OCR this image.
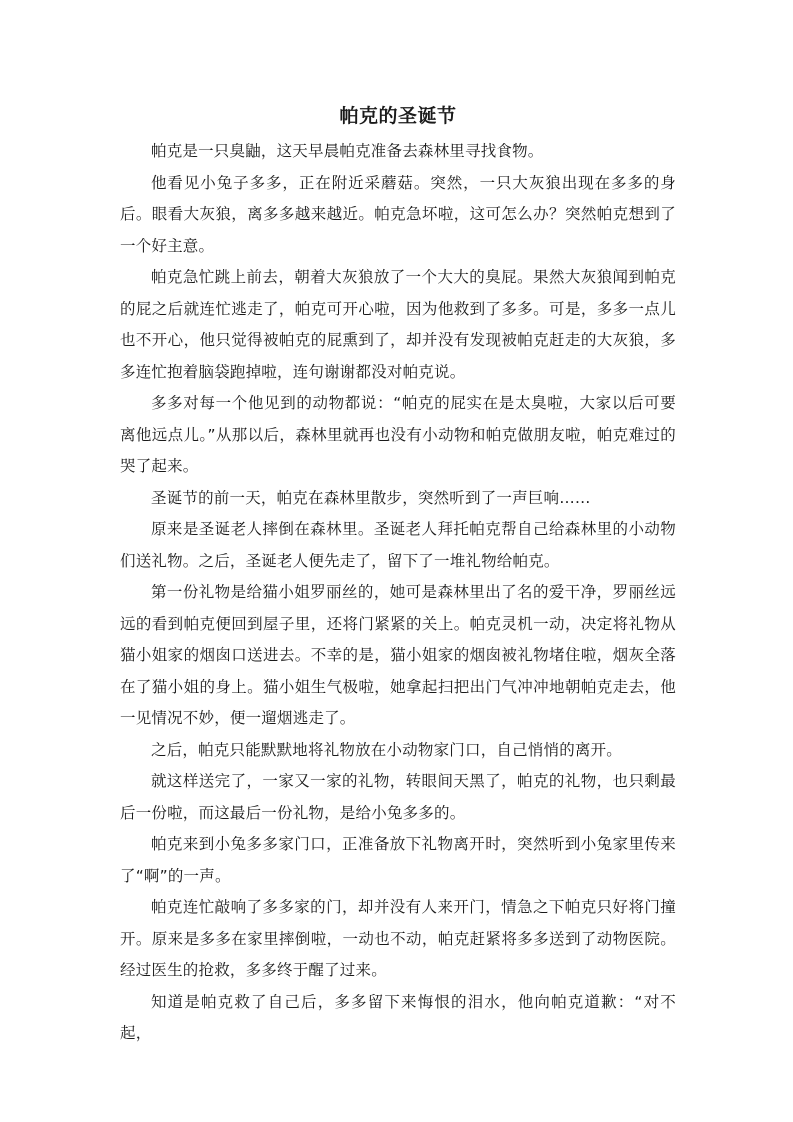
帕克的圣诞节

帕克是一只臭鼬，这天早晨帕克准备去森林里寻找食物。

他看见小兔子多多，正在附近采蘑菇。突然，一只大灰狼出现在多多的身后。眼看大灰狼，离多多越来越近。帕克急坏啦，这可怎么办？突然帕克想到了一个好主意。

帕克急忙跳上前去，朝着大灰狼放了一个大大的臭屁。果然大灰狼闻到帕克的屁之后就连忙逃走了，帕克可开心啦，因为他救到了多多。可是，多多一点儿也不开心，他只觉得被帕克的屁熏到了，却并没有发现被帕克赶走的大灰狼，多多连忙抱着脑袋跑掉啦，连句谢谢都没对帕克说。

多多对每一个他见到的动物都说：“帕克的屁实在是太臭啦，大家以后可要离他远点儿。”从那以后，森林里就再也没有小动物和帕克做朋友啦，帕克难过的哭了起来。

圣诞节的前一天，帕克在森林里散步，突然听到了一声巨响……

原来是圣诞老人摔倒在森林里。圣诞老人拜托帕克帮自己给森林里的小动物们送礼物。之后，圣诞老人便先走了，留下了一堆礼物给帕克。

第一份礼物是给猫小姐罗丽丝的，她可是森林里出了名的爱干净，罗丽丝远远的看到帕克便回到屋子里，还将门紧紧的关上。帕克灵机一动，决定将礼物从猫小姐家的烟囱口送进去。不幸的是，猫小姐家的烟囱被礼物堵住啦，烟灰全落在了猫小姐的身上。猫小姐生气极啦，她拿起扫把出门气冲冲地朝帕克走去，他一见情况不妙，便一遛烟逃走了。

之后，帕克只能默默地将礼物放在小动物家门口，自己悄悄的离开。

就这样送完了，一家又一家的礼物，转眼间天黑了，帕克的礼物，也只剩最后一份啦，而这最后一份礼物，是给小兔多多的。

帕克来到小兔多多家门口，正准备放下礼物离开时，突然听到小兔家里传来了“啊”的一声。

帕克连忙敲响了多多家的门，却并没有人来开门，情急之下帕克只好将门撞开。原来是多多在家里摔倒啦，一动也不动，帕克赶紧将多多送到了动物医院。经过医生的抢救，多多终于醒了过来。

知道是帕克救了自己后，多多留下来悔恨的泪水，他向帕克道歉：“对不起，
